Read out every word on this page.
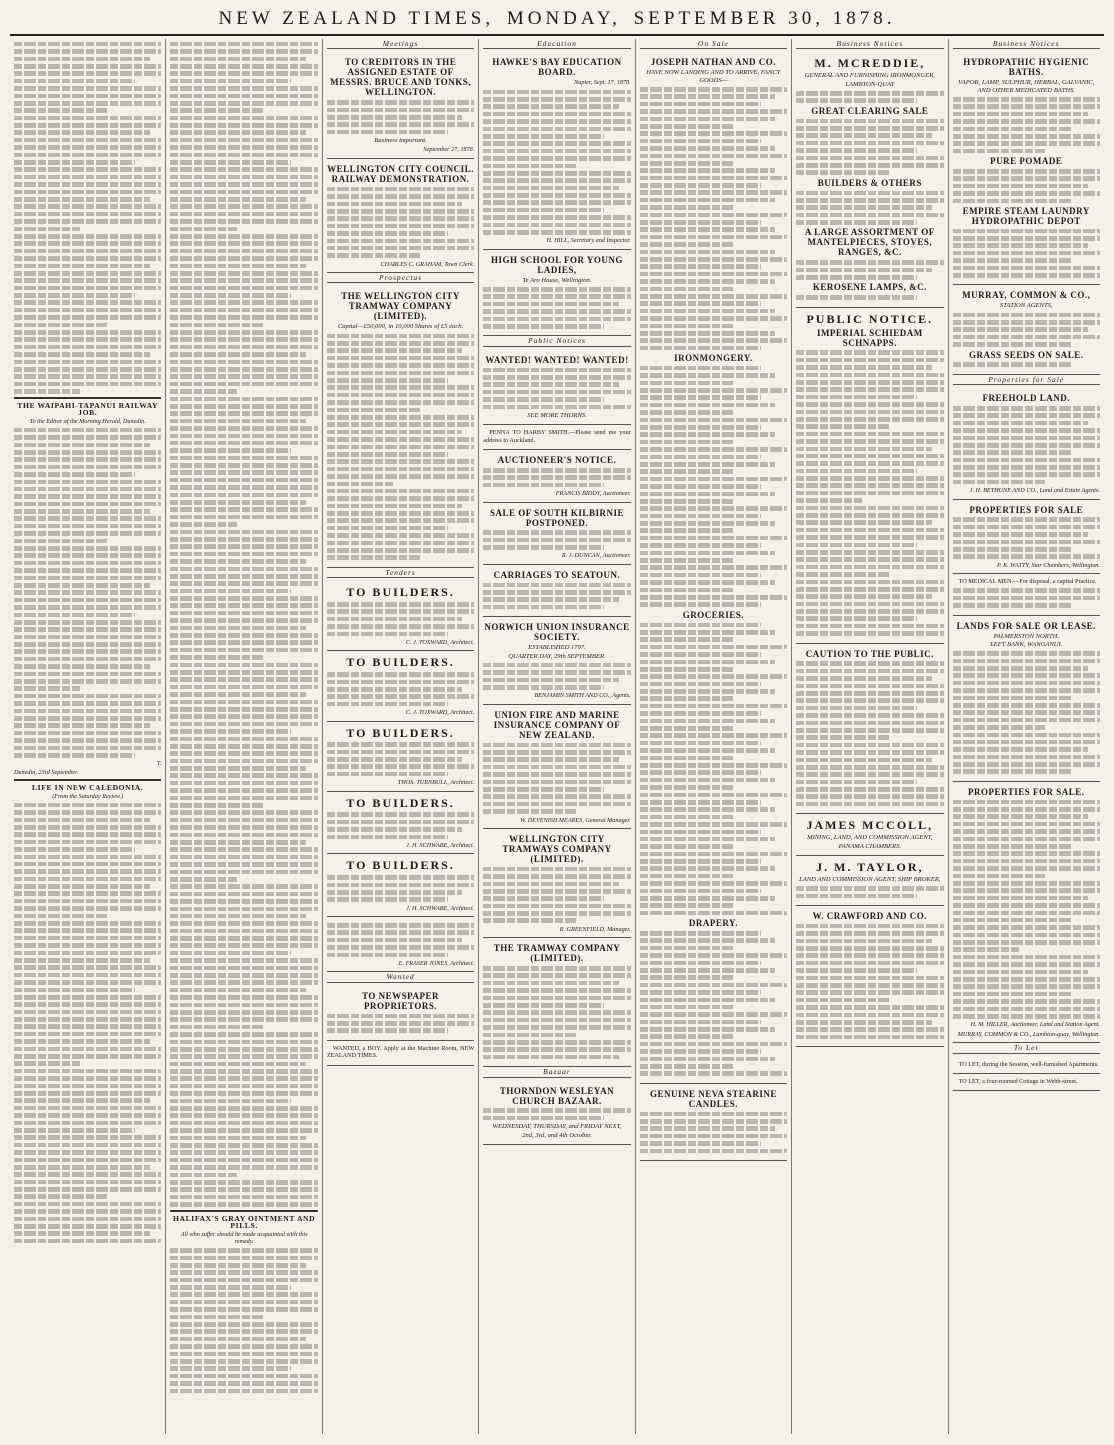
NEW ZEALAND TIMES, MONDAY, SEPTEMBER 30, 1878.
THE WAIPAHI-TAPANUI RAILWAY JOB.
To the Editor of the Morning Herald, Dunedin.
T.
Dunedin, 23rd September.
LIFE IN NEW CALEDONIA.
(From the Saturday Review.)
HALIFAX'S GRAY OINTMENT AND PILLS.
All who suffer should be made acquainted with this remedy.
Meetings
TO CREDITORS IN THE ASSIGNED ESTATE OF MESSRS. BRUCE AND TONKS, WELLINGTON.
Business important.
September 27, 1878.
WELLINGTON CITY COUNCIL. RAILWAY DEMONSTRATION.
CHARLES C. GRAHAM, Town Clerk.
Prospectus
THE WELLINGTON CITY TRAMWAY COMPANY (LIMITED).
Capital—£50,000, in 10,000 Shares of £5 each.
Tenders
TO BUILDERS.
C. J. TOXWARD, Architect.
TO BUILDERS.
C. J. TOXWARD, Architect.
TO BUILDERS.
THOS. TURNBULL, Architect.
TO BUILDERS.
J. H. SCHWABE, Architect.
TO BUILDERS.
J. H. SCHWABE, Architect.
E. FRASER JONES, Architect.
Wanted
TO NEWSPAPER PROPRIETORS.

WANTED, a BOY. Apply at the Machine Room, NEW ZEALAND TIMES.

Education
HAWKE'S BAY EDUCATION BOARD.
Napier, Sept. 17, 1878.
H. HILL, Secretary and Inspector.
HIGH SCHOOL FOR YOUNG LADIES,
Te Aro House, Wellington.
Public Notices
WANTED! WANTED! WANTED!
SEE MORE THORNS.

PENNA TO HARBY SMITH.—Please send me your address to Auckland.

AUCTIONEER'S NOTICE.
FRANCIS BIDDY, Auctioneer.
SALE OF SOUTH KILBIRNIE POSTPONED.
R. J. DUNCAN, Auctioneer.
CARRIAGES TO SEATOUN.
NORWICH UNION INSURANCE SOCIETY.
ESTABLISHED 1797.
QUARTER DAY, 29th SEPTEMBER.
BENJAMIN SMITH AND CO., Agents.
UNION FIRE AND MARINE INSURANCE COMPANY OF NEW ZEALAND.
W. DEVENISH MEARES, General Manager.
WELLINGTON CITY TRAMWAYS COMPANY (LIMITED).
R. GREENFIELD, Manager.
THE TRAMWAY COMPANY (LIMITED).
Bazaar
THORNDON WESLEYAN CHURCH BAZAAR.
WEDNESDAY, THURSDAY, and FRIDAY NEXT,
2nd, 3rd, and 4th October.
On Sale
JOSEPH NATHAN AND CO.
HAVE NOW LANDING AND TO ARRIVE, FANCY GOODS—
IRONMONGERY.
GROCERIES.
DRAPERY.
GENUINE NEVA STEARINE CANDLES.
Business Notices
M. MCREDDIE,
GENERAL AND FURNISHING IRONMONGER,
LAMBTON-QUAY
GREAT CLEARING SALE
BUILDERS & OTHERS
A LARGE ASSORTMENT OF MANTELPIECES, STOVES, RANGES, &C.
KEROSENE LAMPS, &C.
PUBLIC NOTICE.
IMPERIAL SCHIEDAM SCHNAPPS.
CAUTION TO THE PUBLIC.
JAMES MCCOLL,
MINING, LAND, AND COMMISSION AGENT,
PANAMA CHAMBERS.
J. M. TAYLOR,
LAND AND COMMISSION AGENT, SHIP BROKER,
W. CRAWFORD AND CO.
Business Notices
HYDROPATHIC HYGIENIC BATHS.
VAPOR, LAMP, SULPHUR, HERBAL, GALVANIC, AND OTHER MEDICATED BATHS.
PURE POMADE
EMPIRE STEAM LAUNDRY HYDROPATHIC DEPOT
MURRAY, COMMON & CO.,
STATION AGENTS,
GRASS SEEDS ON SALE.
Properties for Sale
FREEHOLD LAND.
J. H. BETHUNE AND CO., Land and Estate Agents.
PROPERTIES FOR SALE
P. K. WATTY, Star Chambers, Wellington.

TO MEDICAL MEN.—For disposal, a capital Practice.

LANDS FOR SALE OR LEASE.
PALMERSTON NORTH.
LEFT BANK, WANGANUI.
PROPERTIES FOR SALE.
H. M. HILLER, Auctioneer, Land and Station Agent.
MURRAY, COMMON & CO., Lambton-quay, Wellington.
To Let

TO LET, during the Session, well-furnished Apartments.

TO LET, a four-roomed Cottage in Webb-street.
